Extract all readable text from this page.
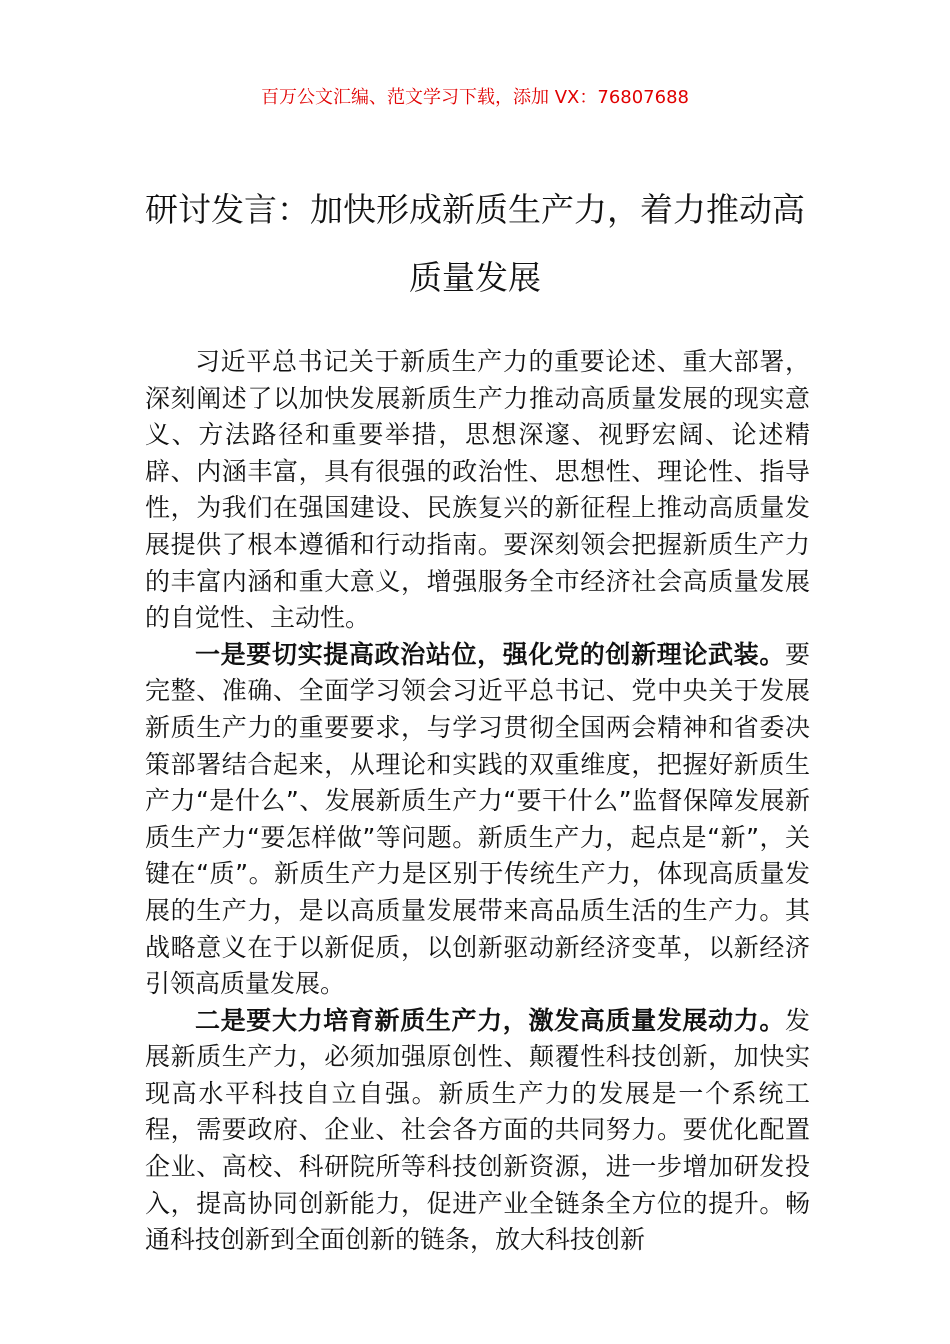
百万公文汇编、范文学习下载，添加 VX：76807688
研讨发言：加快形成新质生产力，着力推动高质量发展

习近平总书记关于新质生产力的重要论述、重大部署，深刻阐述了以加快发展新质生产力推动高质量发展的现实意义、方法路径和重要举措，思想深邃、视野宏阔、论述精辟、内涵丰富，具有很强的政治性、思想性、理论性、指导性，为我们在强国建设、民族复兴的新征程上推动高质量发展提供了根本遵循和行动指南。要深刻领会把握新质生产力的丰富内涵和重大意义，增强服务全市经济社会高质量发展的自觉性、主动性。

一是要切实提高政治站位，强化党的创新理论武装。要完整、准确、全面学习领会习近平总书记、党中央关于发展新质生产力的重要要求，与学习贯彻全国两会精神和省委决策部署结合起来，从理论和实践的双重维度，把握好新质生产力“是什么”、发展新质生产力“要干什么”监督保障发展新质生产力“要怎样做”等问题。新质生产力，起点是“新”，关键在“质”。新质生产力是区别于传统生产力，体现高质量发展的生产力，是以高质量发展带来高品质生活的生产力。其战略意义在于以新促质，以创新驱动新经济变革，以新经济引领高质量发展。

二是要大力培育新质生产力，激发高质量发展动力。发展新质生产力，必须加强原创性、颠覆性科技创新，加快实现高水平科技自立自强。新质生产力的发展是一个系统工程，需要政府、企业、社会各方面的共同努力。要优化配置企业、高校、科研院所等科技创新资源，进一步增加研发投入，提高协同创新能力，促进产业全链条全方位的提升。畅通科技创新到全面创新的链条，放大科技创新
